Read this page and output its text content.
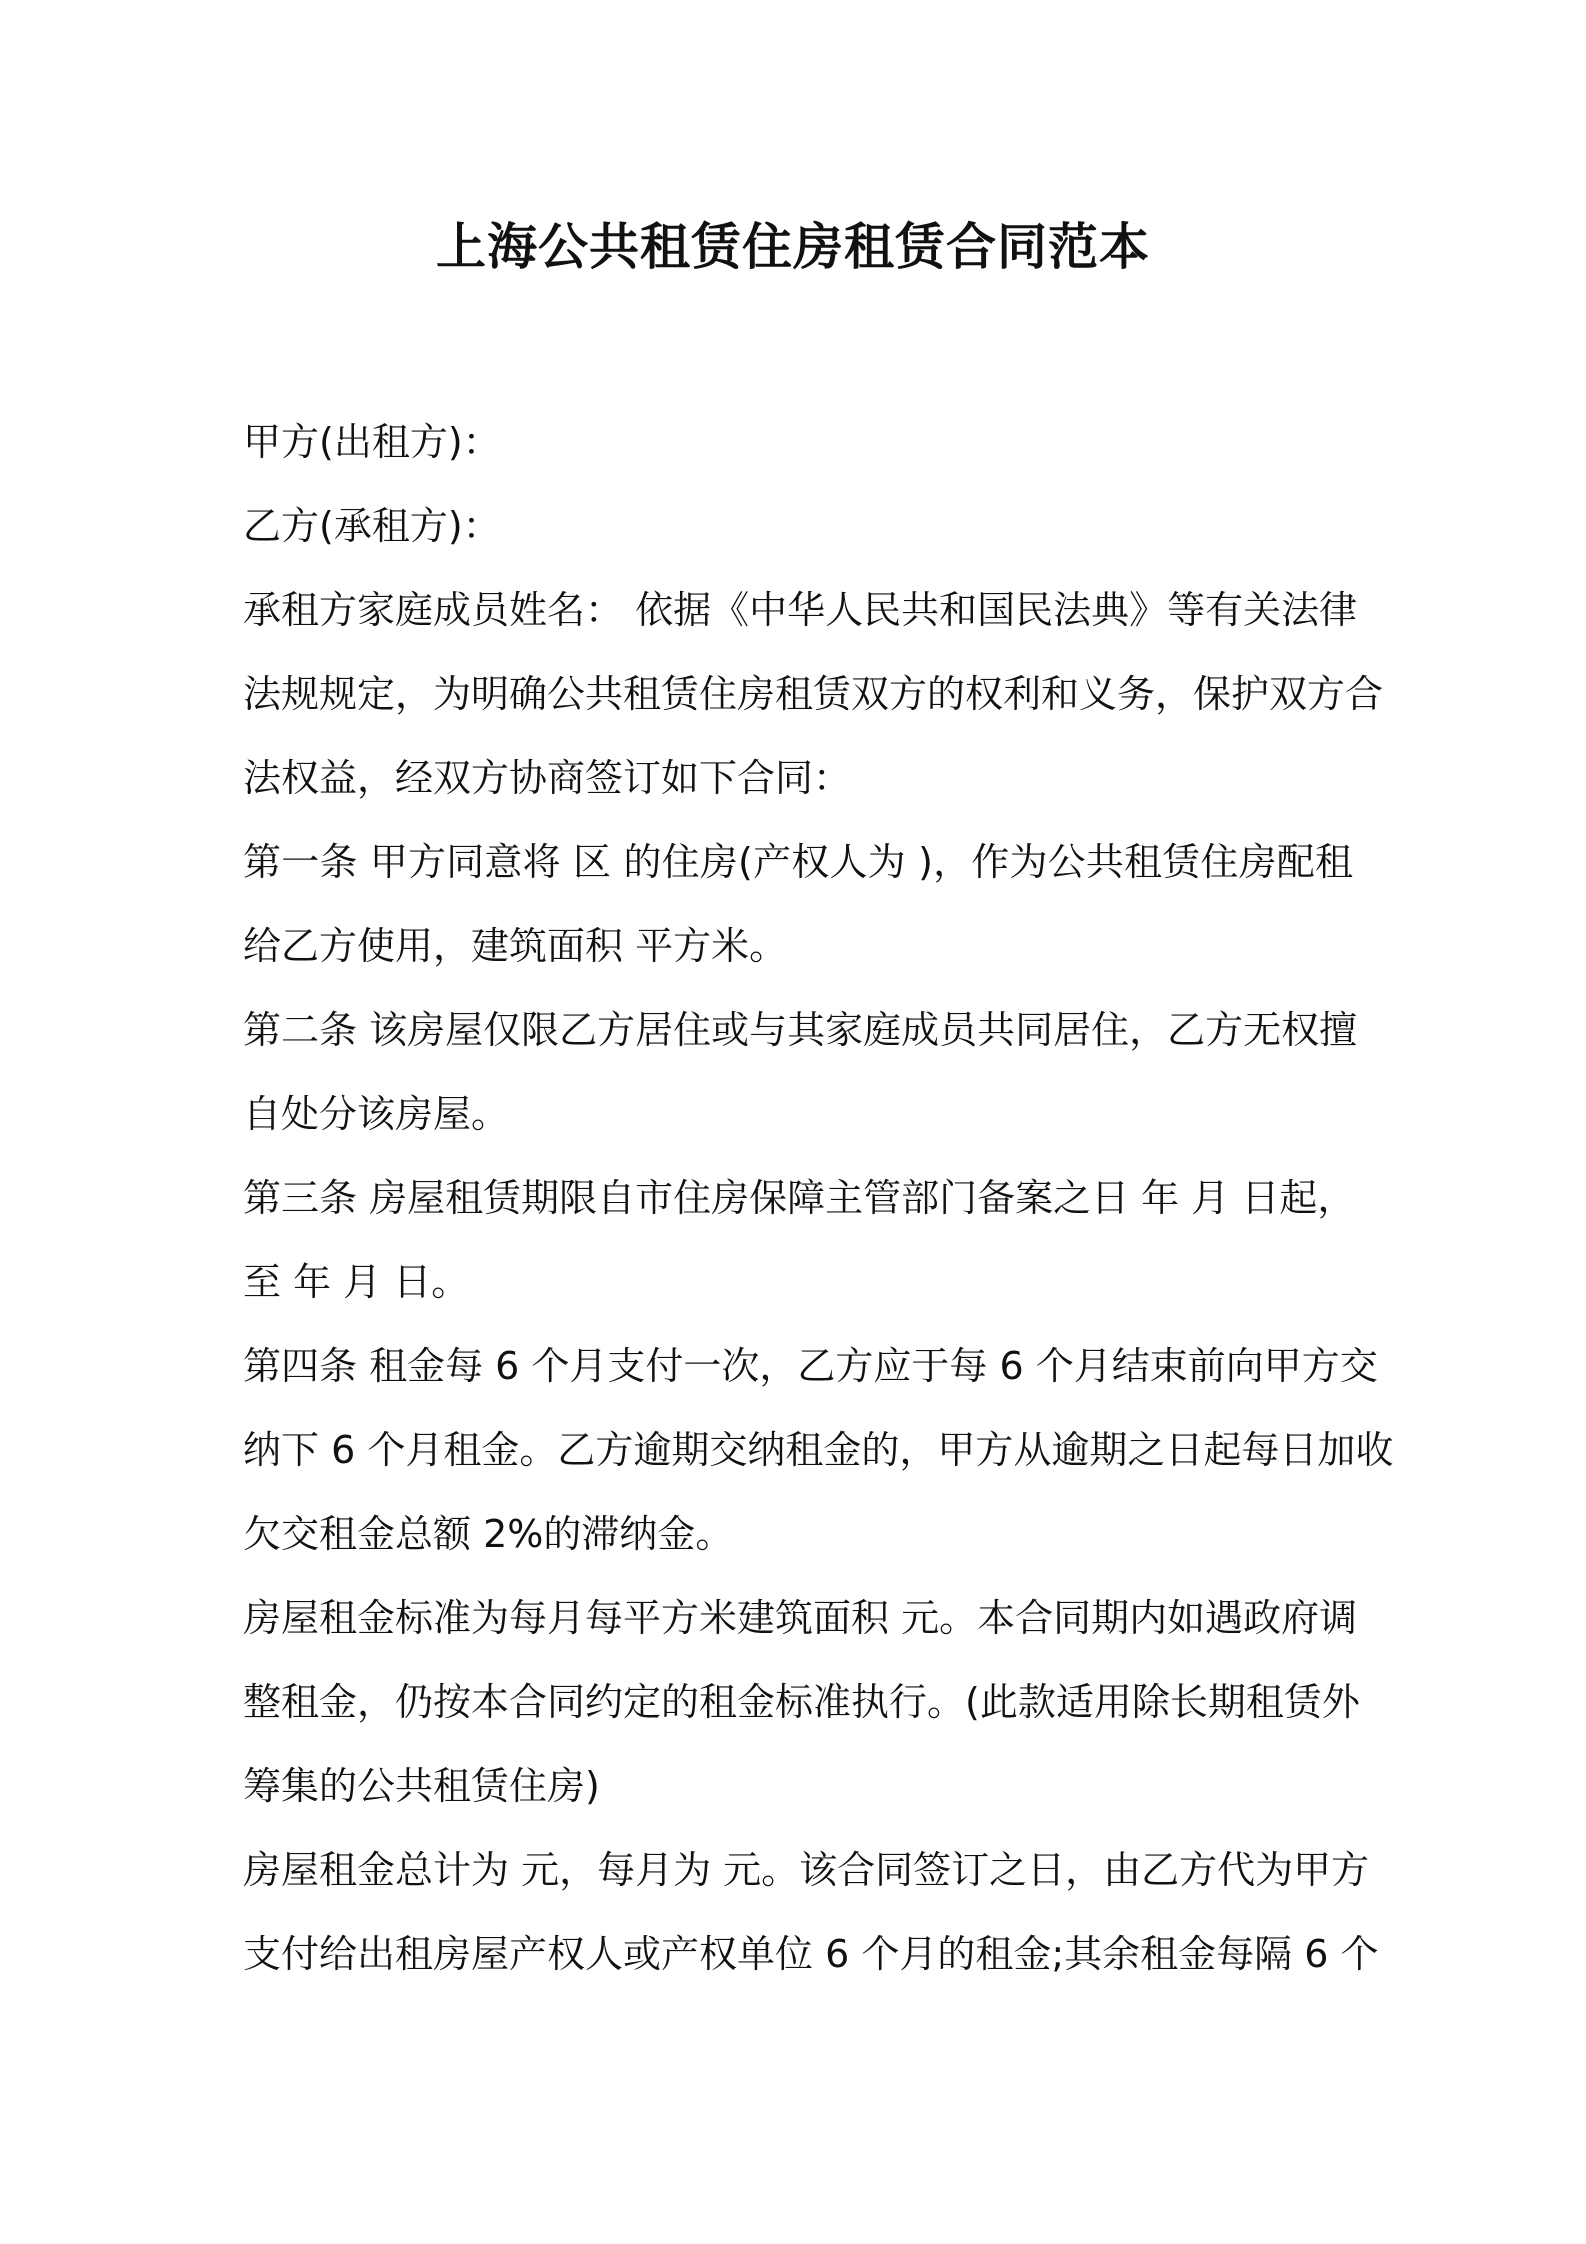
上海公共租赁住房租赁合同范本
甲方(出租方)：
乙方(承租方)：
承租方家庭成员姓名： 依据《中华人民共和国民法典》等有关法律
法规规定，为明确公共租赁住房租赁双方的权利和义务，保护双方合
法权益，经双方协商签订如下合同：
第一条 甲方同意将 区 的住房(产权人为 )，作为公共租赁住房配租
给乙方使用，建筑面积 平方米。
第二条 该房屋仅限乙方居住或与其家庭成员共同居住，乙方无权擅
自处分该房屋。
第三条 房屋租赁期限自市住房保障主管部门备案之日 年 月 日起，
至 年 月 日。
第四条 租金每 6 个月支付一次，乙方应于每 6 个月结束前向甲方交
纳下 6 个月租金。乙方逾期交纳租金的，甲方从逾期之日起每日加收
欠交租金总额 2%的滞纳金。
房屋租金标准为每月每平方米建筑面积 元。本合同期内如遇政府调
整租金，仍按本合同约定的租金标准执行。(此款适用除长期租赁外
筹集的公共租赁住房)
房屋租金总计为 元，每月为 元。该合同签订之日，由乙方代为甲方
支付给出租房屋产权人或产权单位 6 个月的租金;其余租金每隔 6 个
